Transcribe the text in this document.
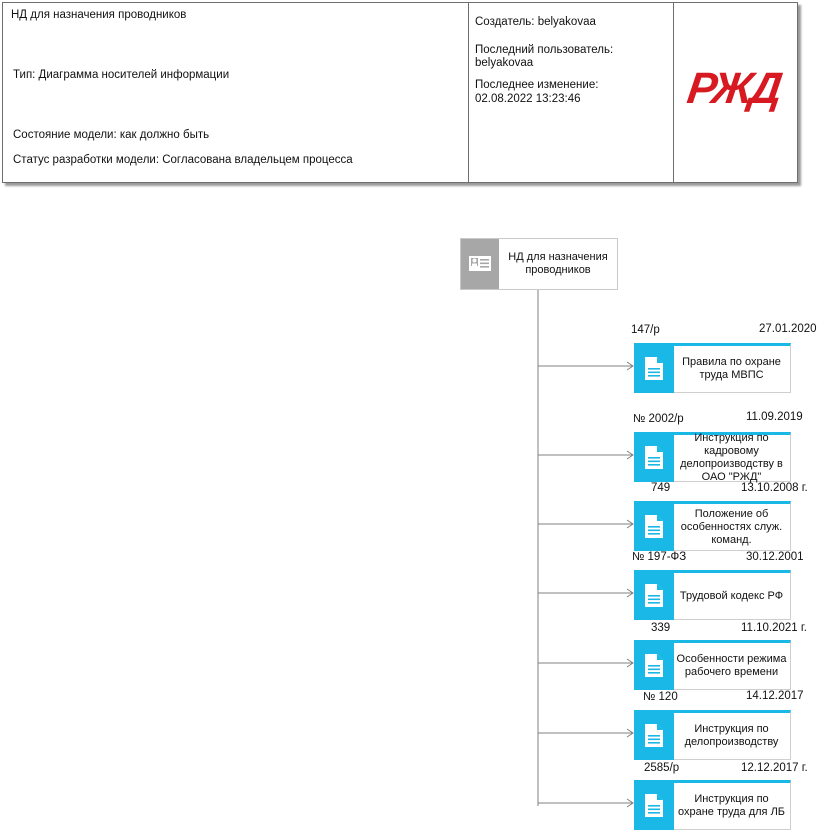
НД для назначения проводников
Тип: Диаграмма носителей информации
Состояние модели: как должно быть
Статус разработки модели: Согласована владельцем процесса
Создатель: belyakovaa
Последний пользователь:
belyakovaa
Последнее изменение:
02.08.2022 13:23:46 РЖД
НД для назначения проводников
147/р	27.01.2020
Правила по охране труда МВПС
№ 2002/р	11.09.2019
Инструкция по кадровому делопроизводству в ОАО "РЖД"
749	13.10.2008 г.
Положение об особенностях служ. команд.
№ 197-ФЗ	30.12.2001
Трудовой кодекс РФ
339	11.10.2021 г.
Особенности режима рабочего времени
№ 120	14.12.2017
Инструкция по делопроизводству
2585/р	12.12.2017 г.
Инструкция по охране труда для ЛБ
